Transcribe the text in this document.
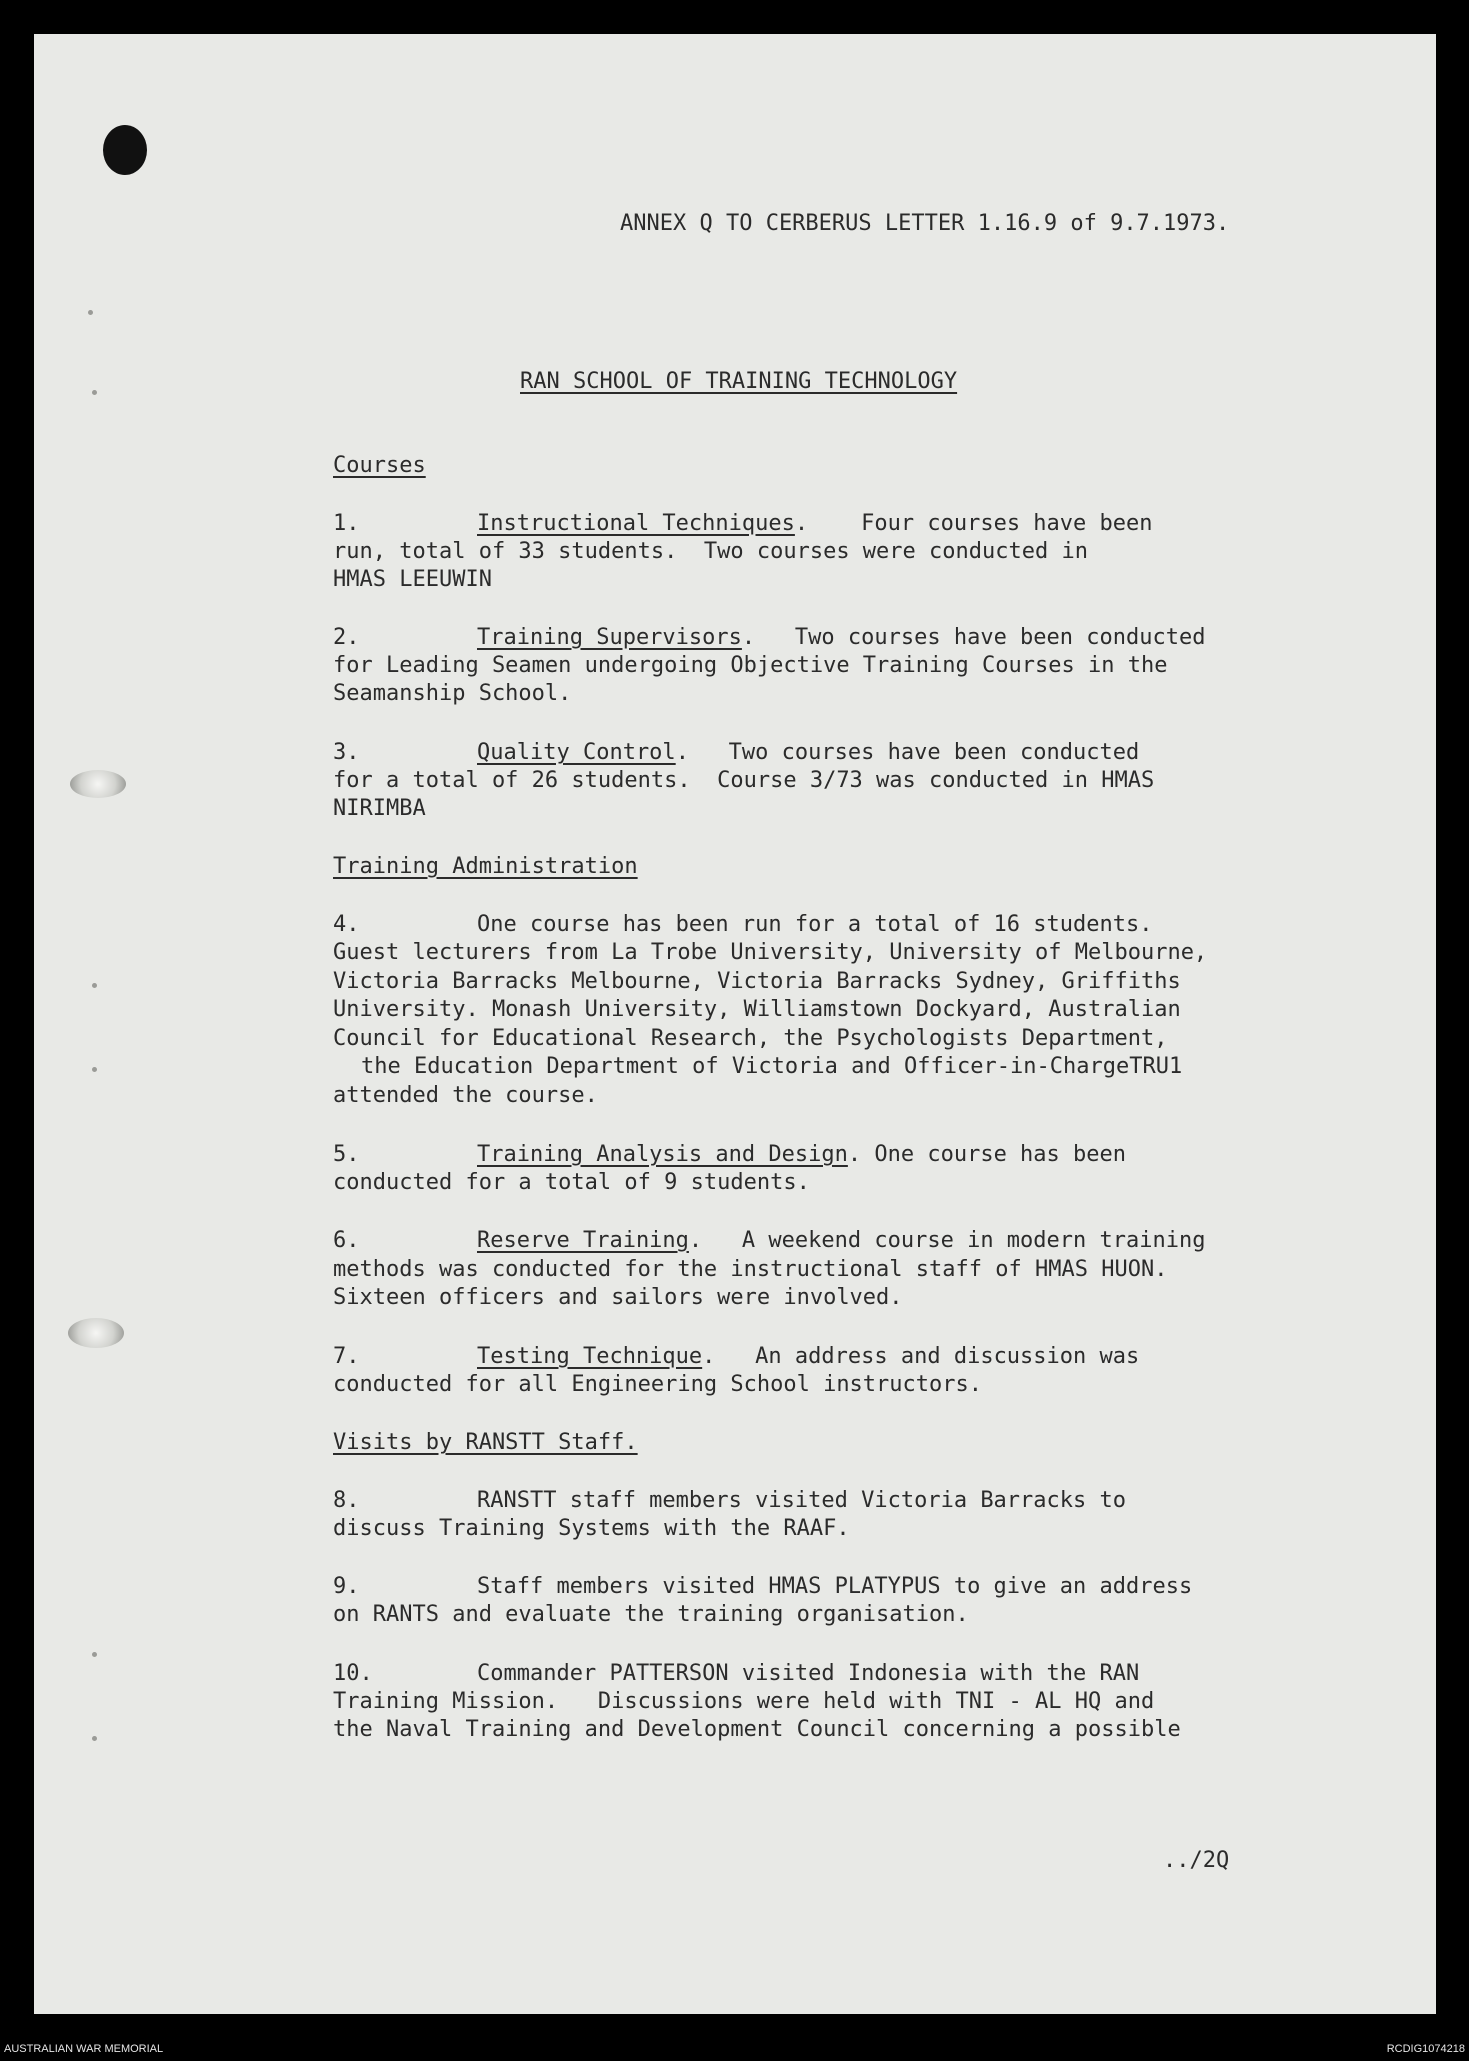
ANNEX Q TO CERBERUS LETTER 1.16.9 of 9.7.1973.
RAN SCHOOL OF TRAINING TECHNOLOGY
Courses
1.	Instructional Techniques.    Four courses have been
run, total of 33 students.  Two courses were conducted in
HMAS LEEUWIN
2.	Training Supervisors.   Two courses have been conducted
for Leading Seamen undergoing Objective Training Courses in the
Seamanship School.
3.	Quality Control.   Two courses have been conducted
for a total of 26 students.  Course 3/73 was conducted in HMAS
NIRIMBA
Training Administration
4.	One course has been run for a total of 16 students.
Guest lecturers from La Trobe University, University of Melbourne,
Victoria Barracks Melbourne, Victoria Barracks Sydney, Griffiths
University. Monash University, Williamstown Dockyard, Australian
Council for Educational Research, the Psychologists Department,
the Education Department of Victoria and Officer-in-ChargeTRU1
attended the course.
5.	Training Analysis and Design. One course has been
conducted for a total of 9 students.
6.	Reserve Training.   A weekend course in modern training
methods was conducted for the instructional staff of HMAS HUON.
Sixteen officers and sailors were involved.
7.	Testing Technique.   An address and discussion was
conducted for all Engineering School instructors.
Visits by RANSTT Staff.
8.	RANSTT staff members visited Victoria Barracks to
discuss Training Systems with the RAAF.
9.	Staff members visited HMAS PLATYPUS to give an address
on RANTS and evaluate the training organisation.
10.	Commander PATTERSON visited Indonesia with the RAN
Training Mission.   Discussions were held with TNI - AL HQ and
the Naval Training and Development Council concerning a possible
../2Q
AUSTRALIAN WAR MEMORIAL	RCDIG1074218
